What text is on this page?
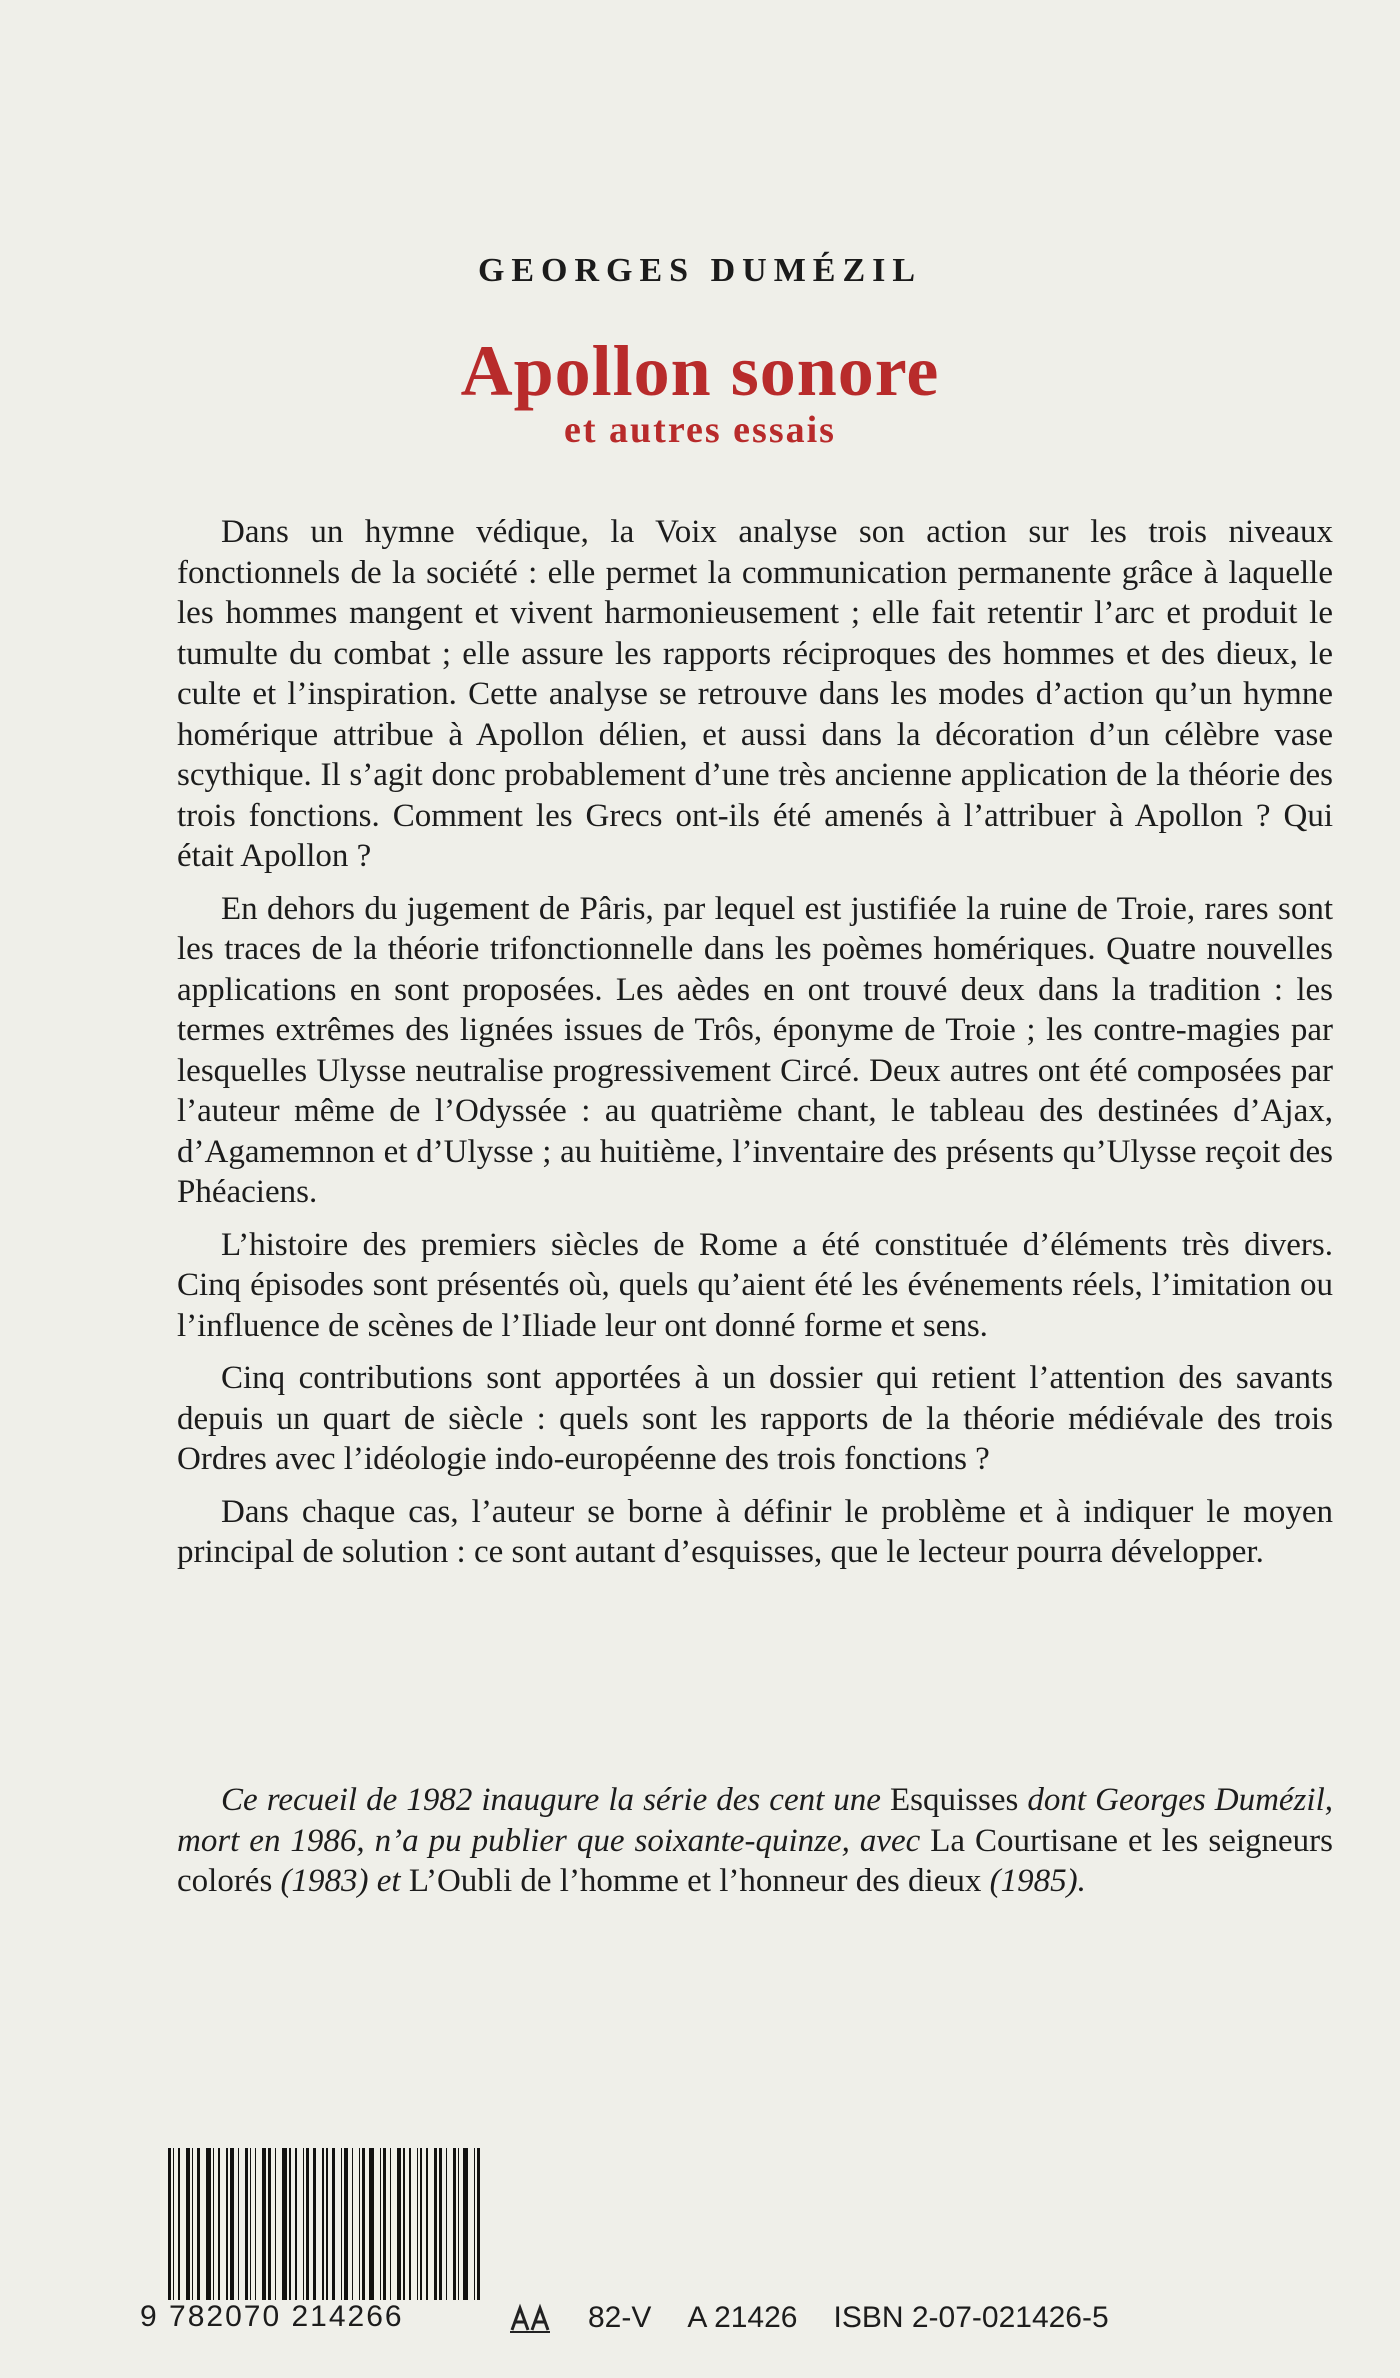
GEORGES DUMÉZIL
Apollon sonore
et autres essais

Dans un hymne védique, la Voix analyse son action sur les trois niveaux fonctionnels de la société : elle permet la communication permanente grâce à laquelle les hommes mangent et vivent harmonieusement ; elle fait retentir l’arc et produit le tumulte du combat ; elle assure les rapports réciproques des hommes et des dieux, le culte et l’inspiration. Cette analyse se retrouve dans les modes d’action qu’un hymne homérique attribue à Apollon délien, et aussi dans la décoration d’un célèbre vase scythique. Il s’agit donc probablement d’une très ancienne application de la théorie des trois fonctions. Comment les Grecs ont-ils été amenés à l’attribuer à Apollon ? Qui était Apollon ?

En dehors du jugement de Pâris, par lequel est justifiée la ruine de Troie, rares sont les traces de la théorie trifonctionnelle dans les poèmes homériques. Quatre nouvelles applications en sont proposées. Les aèdes en ont trouvé deux dans la tradition : les termes extrêmes des lignées issues de Trôs, éponyme de Troie ; les contre-magies par lesquelles Ulysse neutralise progressivement Circé. Deux autres ont été composées par l’auteur même de l’Odyssée : au quatrième chant, le tableau des destinées d’Ajax, d’Agamemnon et d’Ulysse ; au huitième, l’inventaire des présents qu’Ulysse reçoit des Phéaciens.

L’histoire des premiers siècles de Rome a été constituée d’éléments très divers. Cinq épisodes sont présentés où, quels qu’aient été les événements réels, l’imitation ou l’influence de scènes de l’Iliade leur ont donné forme et sens.

Cinq contributions sont apportées à un dossier qui retient l’attention des savants depuis un quart de siècle : quels sont les rapports de la théorie médiévale des trois Ordres avec l’idéologie indo-européenne des trois fonctions ?

Dans chaque cas, l’auteur se borne à définir le problème et à indiquer le moyen principal de solution : ce sont autant d’esquisses, que le lecteur pourra développer.

Ce recueil de 1982 inaugure la série des cent une Esquisses dont Georges Dumézil, mort en 1986, n’a pu publier que soixante-quinze, avec La Courtisane et les seigneurs colorés (1983) et L’Oubli de l’homme et l’honneur des dieux (1985).

9 782070 214266	82-V A 21426 ISBN 2-07-021426-5
